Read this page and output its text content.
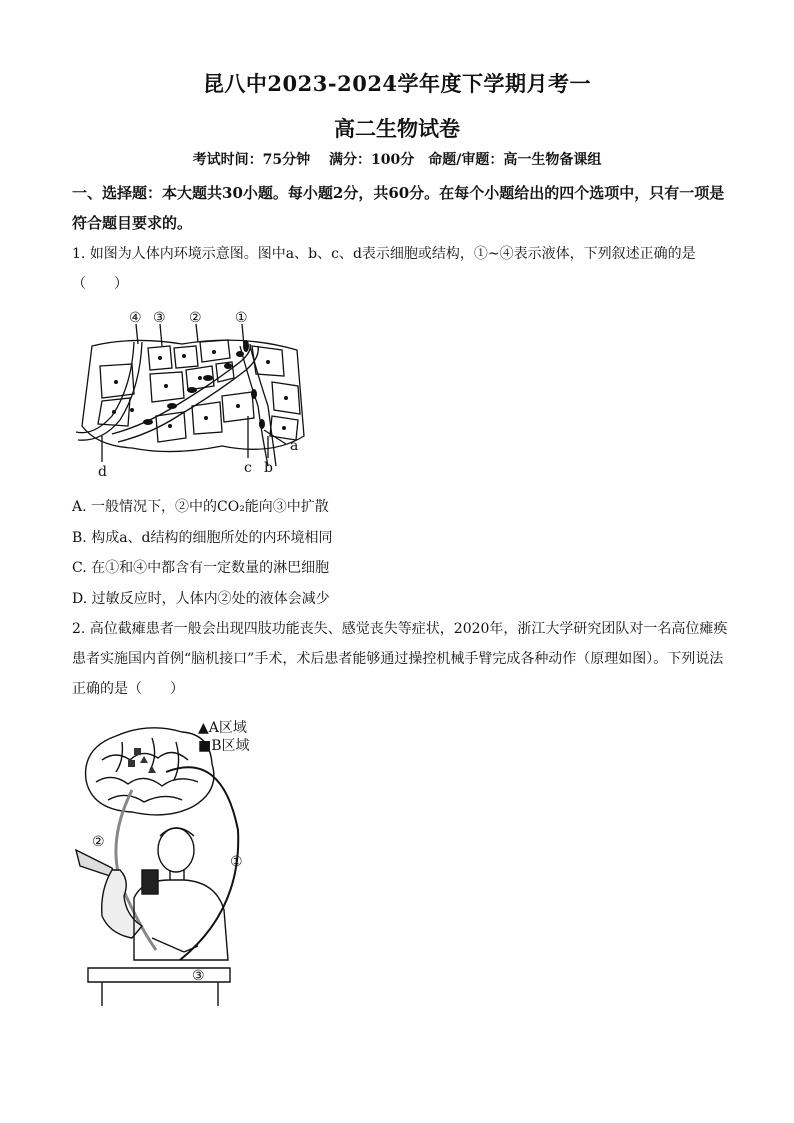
昆八中2023-2024学年度下学期月考一
高二生物试卷
考试时间：75分钟　 满分：100分　命题/审题：高一生物备课组
一、选择题：本大题共30小题。每小题2分，共60分。在每个小题给出的四个选项中，只有一项是符合题目要求的。
1. 如图为人体内环境示意图。图中a、b、c、d表示细胞或结构，①~④表示液体，下列叙述正确的是（　　）
④ ③ ② ①
a
b
c
d
A. 一般情况下，②中的CO₂能向③中扩散
B. 构成a、d结构的细胞所处的内环境相同
C. 在①和④中都含有一定数量的淋巴细胞
D. 过敏反应时，人体内②处的液体会减少
2. 高位截瘫患者一般会出现四肢功能丧失、感觉丧失等症状，2020年，浙江大学研究团队对一名高位瘫痪患者实施国内首例“脑机接口”手术，术后患者能够通过操控机械手臂完成各种动作（原理如图）。下列说法正确的是（　　）
▲A区域
■B区域
②
①
③
